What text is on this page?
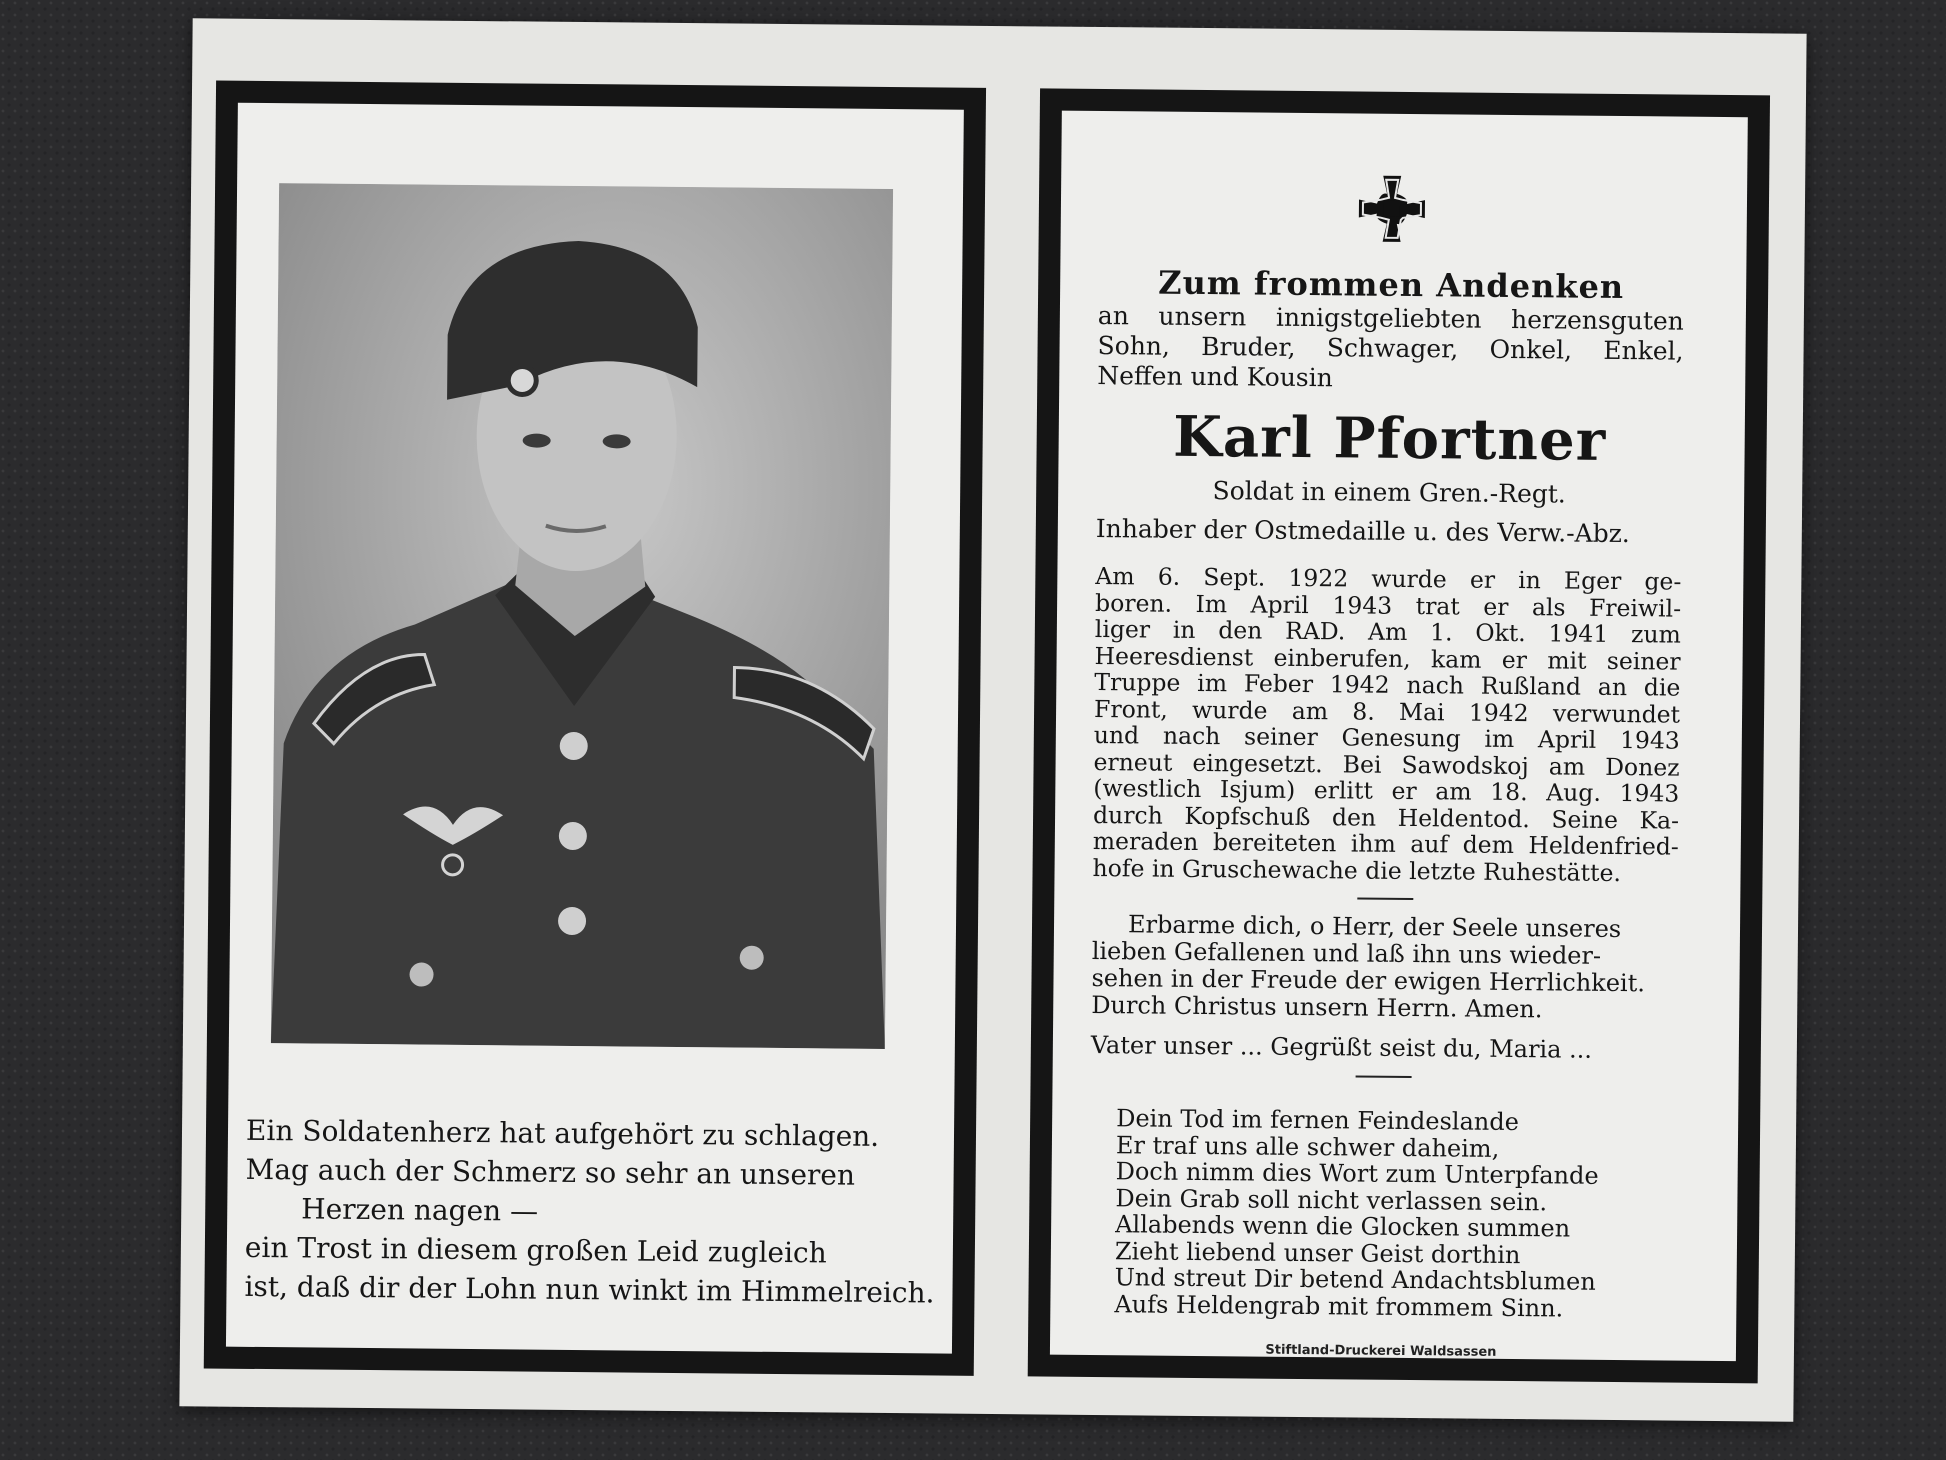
Ein Soldatenherz hat aufgehört zu schlagen.
Mag auch der Schmerz so sehr an unseren
Herzen nagen —
ein Trost in diesem großen Leid zugleich
ist, daß dir der Lohn nun winkt im Himmelreich.
Zum frommen Andenken
an unsern innigstgeliebten herzensguten
Sohn, Bruder, Schwager, Onkel, Enkel,
Neffen und Kousin
Karl Pfortner
Soldat in einem Gren.-Regt.
Inhaber der Ostmedaille u. des Verw.-Abz.
Am 6. Sept. 1922 wurde er in Eger ge-
boren. Im April 1943 trat er als Freiwil-
liger in den RAD. Am 1. Okt. 1941 zum
Heeresdienst einberufen, kam er mit seiner
Truppe im Feber 1942 nach Rußland an die
Front, wurde am 8. Mai 1942 verwundet
und nach seiner Genesung im April 1943
erneut eingesetzt. Bei Sawodskoj am Donez
(westlich Isjum) erlitt er am 18. Aug. 1943
durch Kopfschuß den Heldentod. Seine Ka-
meraden bereiteten ihm auf dem Heldenfried-
hofe in Gruschewache die letzte Ruhestätte.
Erbarme dich, o Herr, der Seele unseres
lieben Gefallenen und laß ihn uns wieder-
sehen in der Freude der ewigen Herrlichkeit.
Durch Christus unsern Herrn. Amen.
Vater unser ... Gegrüßt seist du, Maria ...
Dein Tod im fernen Feindeslande
Er traf uns alle schwer daheim,
Doch nimm dies Wort zum Unterpfande
Dein Grab soll nicht verlassen sein.
Allabends wenn die Glocken summen
Zieht liebend unser Geist dorthin
Und streut Dir betend Andachtsblumen
Aufs Heldengrab mit frommem Sinn.
Stiftland-Druckerei Waldsassen
